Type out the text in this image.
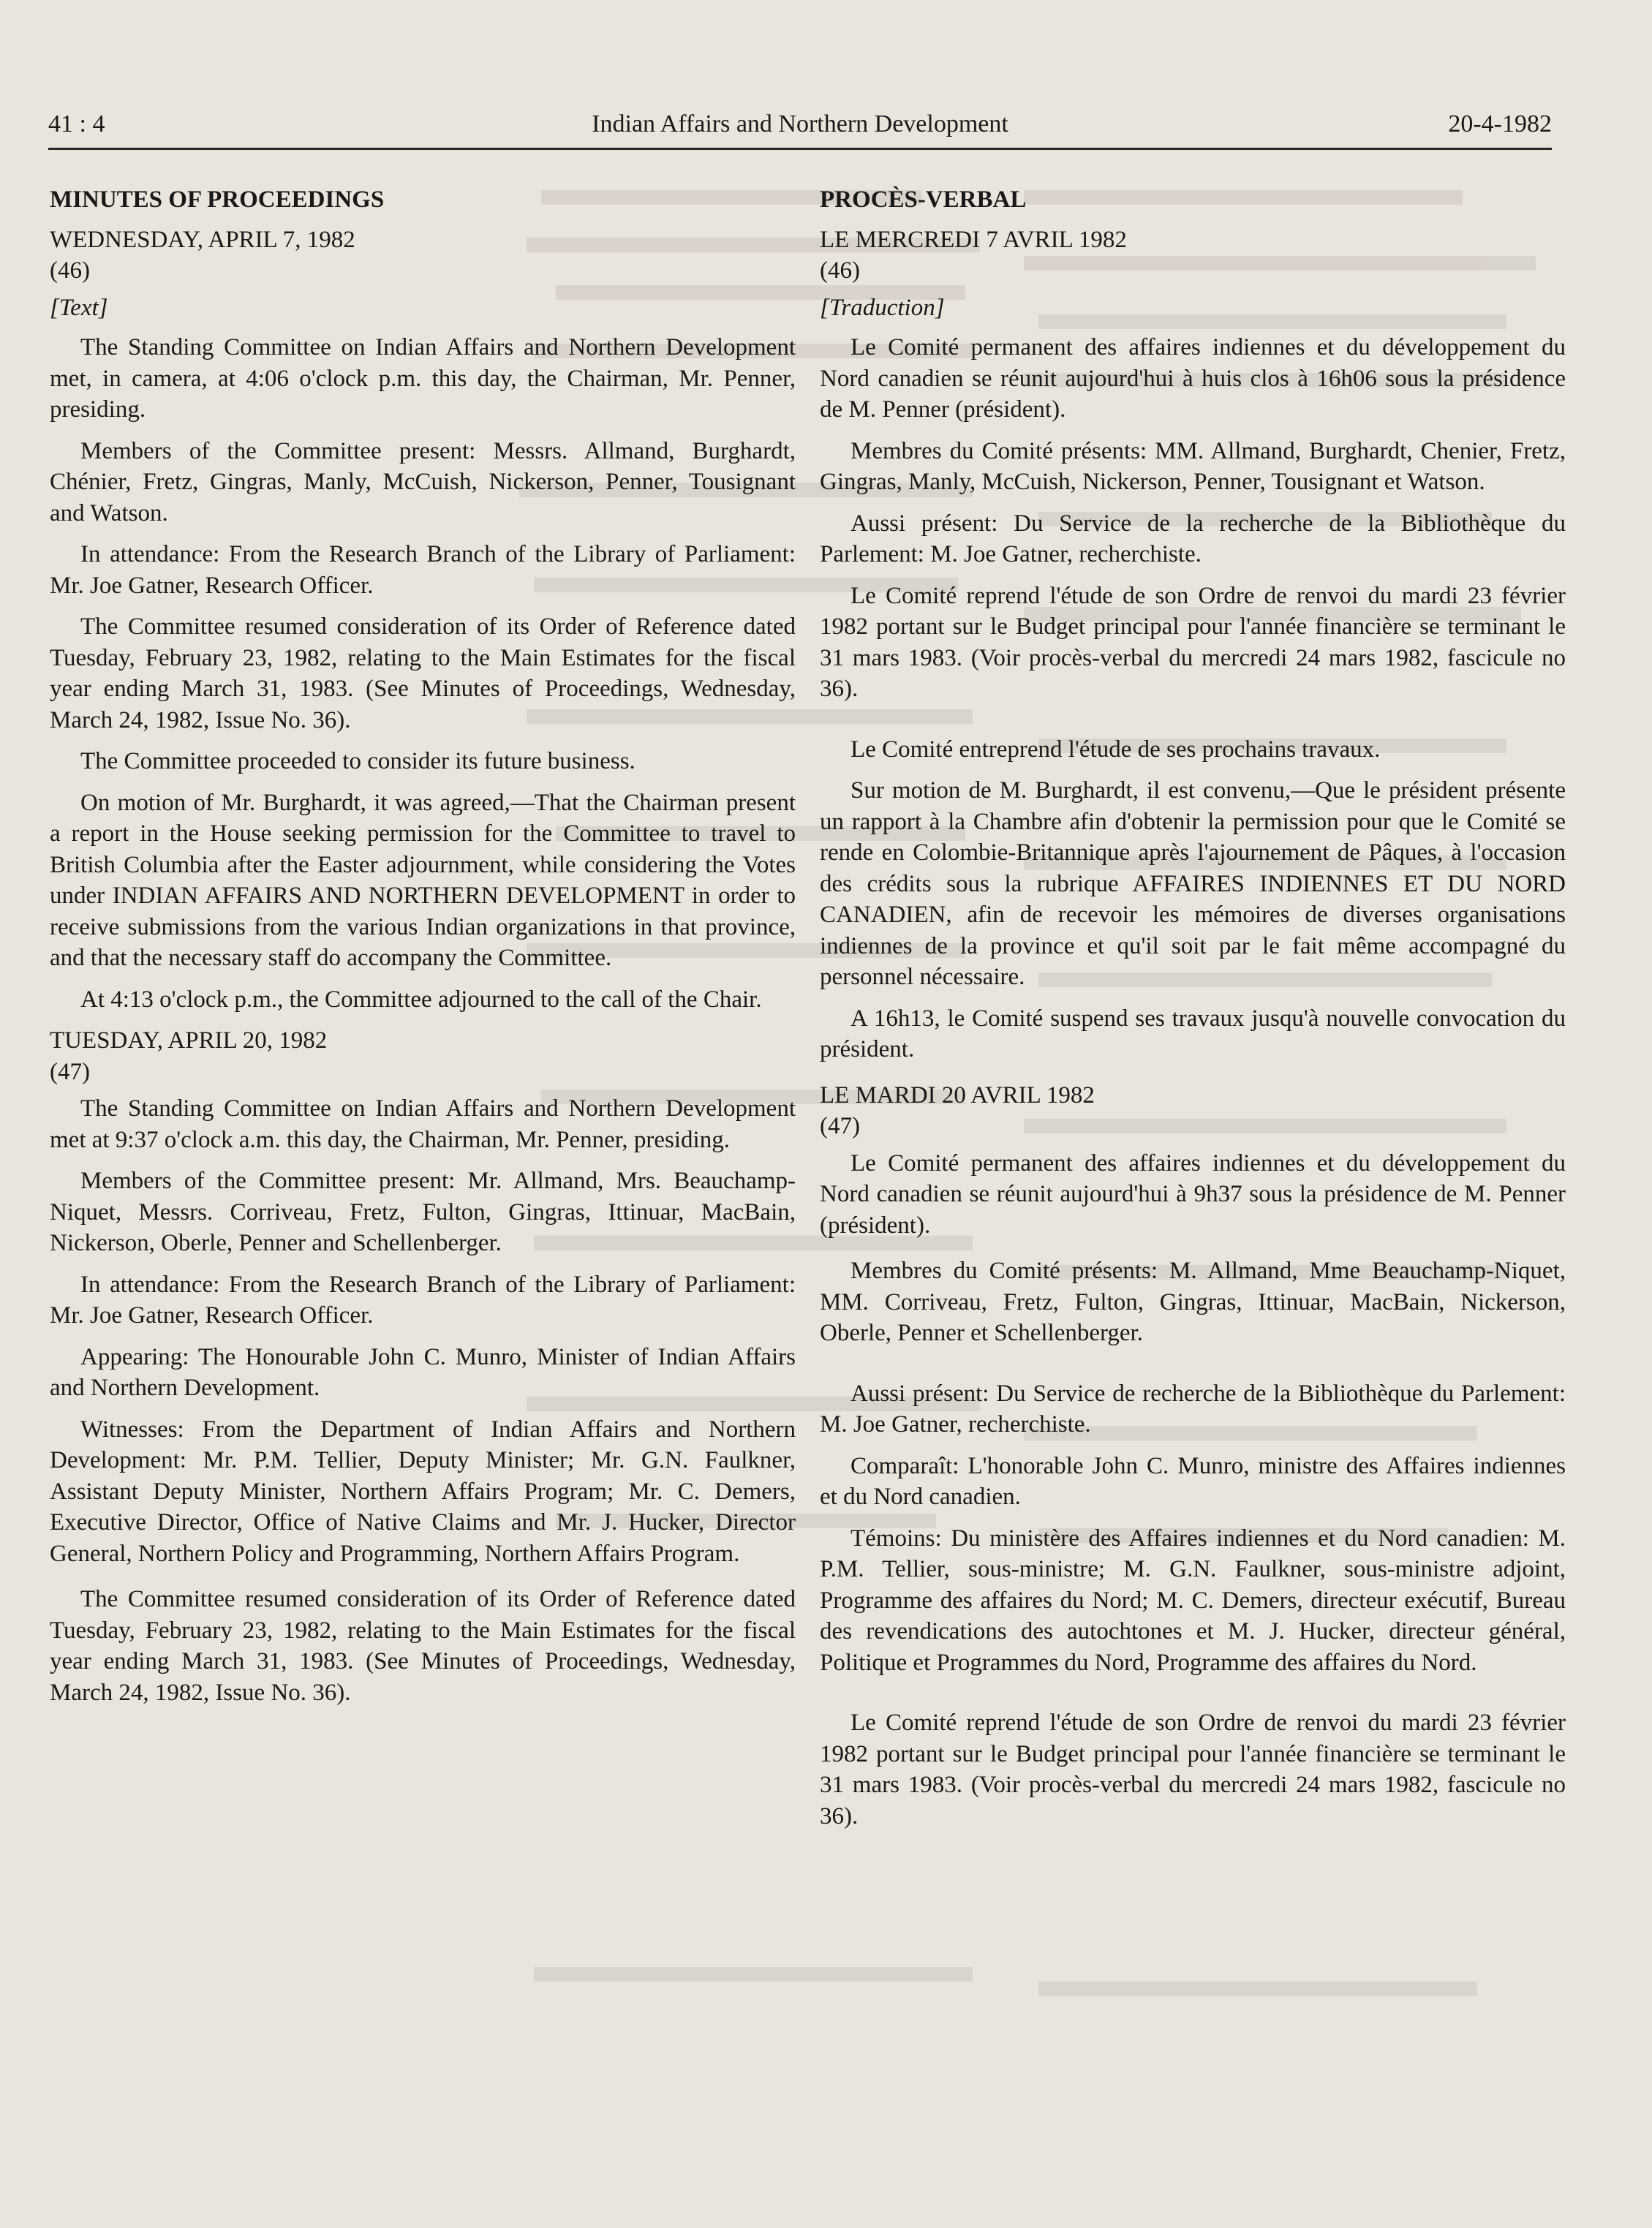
41 : 4	Indian Affairs and Northern Development	20-4-1982

MINUTES OF PROCEEDINGS

WEDNESDAY, APRIL 7, 1982

(46)

[Text]

The Standing Committee on Indian Affairs and Northern Development met, in camera, at 4:06 o'clock p.m. this day, the Chairman, Mr. Penner, presiding.

Members of the Committee present: Messrs. Allmand, Burghardt, Chénier, Fretz, Gingras, Manly, McCuish, Nickerson, Penner, Tousignant and Watson.

In attendance: From the Research Branch of the Library of Parliament: Mr. Joe Gatner, Research Officer.

The Committee resumed consideration of its Order of Reference dated Tuesday, February 23, 1982, relating to the Main Estimates for the fiscal year ending March 31, 1983. (See Minutes of Proceedings, Wednesday, March 24, 1982, Issue No. 36).

The Committee proceeded to consider its future business.

On motion of Mr. Burghardt, it was agreed,—That the Chairman present a report in the House seeking permission for the Committee to travel to British Columbia after the Easter adjournment, while considering the Votes under INDIAN AFFAIRS AND NORTHERN DEVELOPMENT in order to receive submissions from the various Indian organizations in that province, and that the necessary staff do accompany the Committee.

At 4:13 o'clock p.m., the Committee adjourned to the call of the Chair.

TUESDAY, APRIL 20, 1982

(47)

The Standing Committee on Indian Affairs and Northern Development met at 9:37 o'clock a.m. this day, the Chairman, Mr. Penner, presiding.

Members of the Committee present: Mr. Allmand, Mrs. Beauchamp-Niquet, Messrs. Corriveau, Fretz, Fulton, Gingras, Ittinuar, MacBain, Nickerson, Oberle, Penner and Schellenberger.

In attendance: From the Research Branch of the Library of Parliament: Mr. Joe Gatner, Research Officer.

Appearing: The Honourable John C. Munro, Minister of Indian Affairs and Northern Development.

Witnesses: From the Department of Indian Affairs and Northern Development: Mr. P.M. Tellier, Deputy Minister; Mr. G.N. Faulkner, Assistant Deputy Minister, Northern Affairs Program; Mr. C. Demers, Executive Director, Office of Native Claims and Mr. J. Hucker, Director General, Northern Policy and Programming, Northern Affairs Program.

The Committee resumed consideration of its Order of Reference dated Tuesday, February 23, 1982, relating to the Main Estimates for the fiscal year ending March 31, 1983. (See Minutes of Proceedings, Wednesday, March 24, 1982, Issue No. 36).

PROCÈS-VERBAL

LE MERCREDI 7 AVRIL 1982

(46)

[Traduction]

Le Comité permanent des affaires indiennes et du développement du Nord canadien se réunit aujourd'hui à huis clos à 16h06 sous la présidence de M. Penner (président).

Membres du Comité présents: MM. Allmand, Burghardt, Chenier, Fretz, Gingras, Manly, McCuish, Nickerson, Penner, Tousignant et Watson.

Aussi présent: Du Service de la recherche de la Bibliothèque du Parlement: M. Joe Gatner, recherchiste.

Le Comité reprend l'étude de son Ordre de renvoi du mardi 23 février 1982 portant sur le Budget principal pour l'année financière se terminant le 31 mars 1983. (Voir procès-verbal du mercredi 24 mars 1982, fascicule no 36).

Le Comité entreprend l'étude de ses prochains travaux.

Sur motion de M. Burghardt, il est convenu,—Que le président présente un rapport à la Chambre afin d'obtenir la permission pour que le Comité se rende en Colombie-Britannique après l'ajournement de Pâques, à l'occasion des crédits sous la rubrique AFFAIRES INDIENNES ET DU NORD CANADIEN, afin de recevoir les mémoires de diverses organisations indiennes de la province et qu'il soit par le fait même accompagné du personnel nécessaire.

A 16h13, le Comité suspend ses travaux jusqu'à nouvelle convocation du président.

LE MARDI 20 AVRIL 1982

(47)

Le Comité permanent des affaires indiennes et du développement du Nord canadien se réunit aujourd'hui à 9h37 sous la présidence de M. Penner (président).

Membres du Comité présents: M. Allmand, Mme Beauchamp-Niquet, MM. Corriveau, Fretz, Fulton, Gingras, Ittinuar, MacBain, Nickerson, Oberle, Penner et Schellenberger.

Aussi présent: Du Service de recherche de la Bibliothèque du Parlement: M. Joe Gatner, recherchiste.

Comparaît: L'honorable John C. Munro, ministre des Affaires indiennes et du Nord canadien.

Témoins: Du ministère des Affaires indiennes et du Nord canadien: M. P.M. Tellier, sous-ministre; M. G.N. Faulkner, sous-ministre adjoint, Programme des affaires du Nord; M. C. Demers, directeur exécutif, Bureau des revendications des autochtones et M. J. Hucker, directeur général, Politique et Programmes du Nord, Programme des affaires du Nord.

Le Comité reprend l'étude de son Ordre de renvoi du mardi 23 février 1982 portant sur le Budget principal pour l'année financière se terminant le 31 mars 1983. (Voir procès-verbal du mercredi 24 mars 1982, fascicule no 36).
